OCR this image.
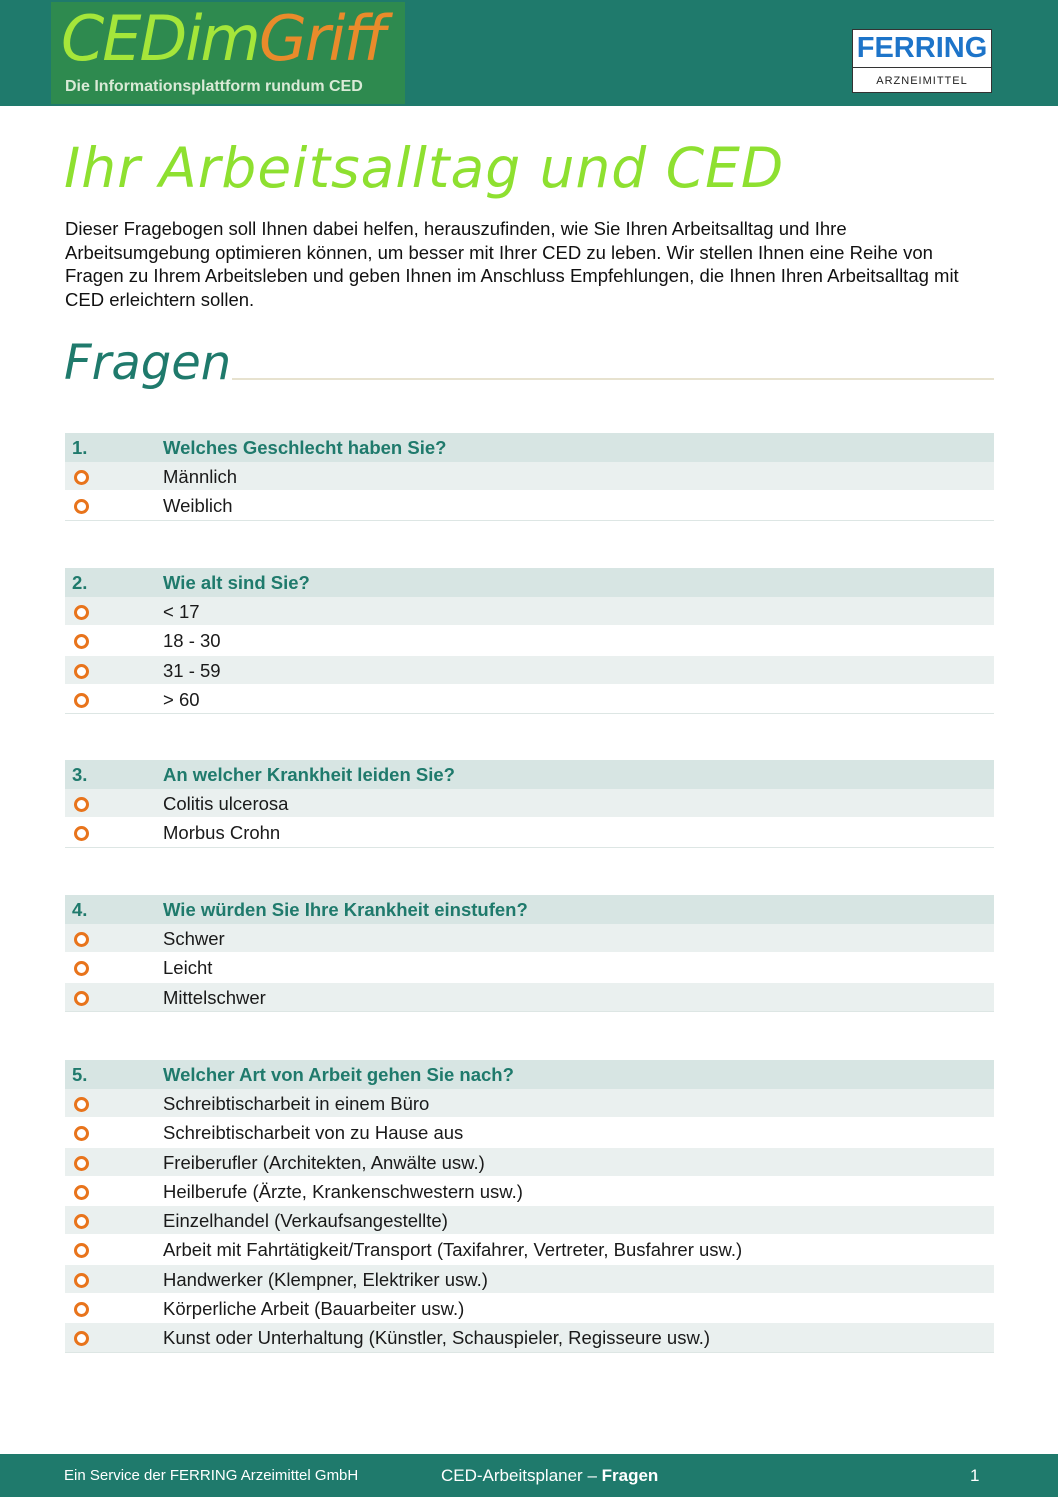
CEDimGriff
Die Informationsplattform rundum CED
FERRING
ARZNEIMITTEL
Ihr Arbeitsalltag und CED
Dieser Fragebogen soll Ihnen dabei helfen, herauszufinden, wie Sie Ihren Arbeitsalltag und Ihre Arbeitsumgebung optimieren können, um besser mit Ihrer CED zu leben. Wir stellen Ihnen eine Reihe von Fragen zu Ihrem Arbeitsleben und geben Ihnen im Anschluss Empfehlungen, die Ihnen Ihren Arbeitsalltag mit CED erleichtern sollen.
Fragen
1.	Welches Geschlecht haben Sie?
Männlich
Weiblich
2.	Wie alt sind Sie?
< 17
18 - 30
31 - 59
> 60
3.	An welcher Krankheit leiden Sie?
Colitis ulcerosa
Morbus Crohn
4.	Wie würden Sie Ihre Krankheit einstufen?
Schwer
Leicht
Mittelschwer
5.	Welcher Art von Arbeit gehen Sie nach?
Schreibtischarbeit in einem Büro
Schreibtischarbeit von zu Hause aus
Freiberufler (Architekten, Anwälte usw.)
Heilberufe (Ärzte, Krankenschwestern usw.)
Einzelhandel (Verkaufsangestellte)
Arbeit mit Fahrtätigkeit/Transport (Taxifahrer, Vertreter, Busfahrer usw.)
Handwerker (Klempner, Elektriker usw.)
Körperliche Arbeit (Bauarbeiter usw.)
Kunst oder Unterhaltung (Künstler, Schauspieler, Regisseure usw.)
Ein Service der FERRING Arzeimittel GmbH	CED-Arbeitsplaner – Fragen	1
